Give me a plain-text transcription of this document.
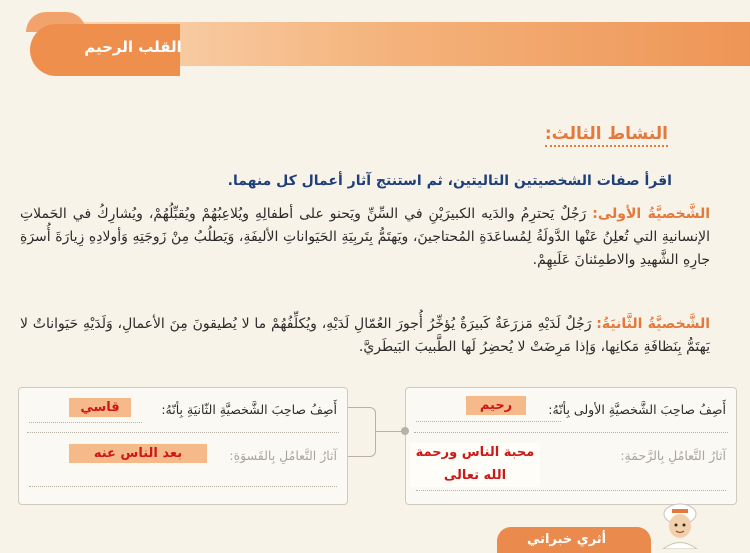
القلب الرحيم
النشاط الثالث:
اقرأ صفات الشخصيتين التاليتين، ثم استنتج آثار أعمال كل منهما.
الشَّخصيَّةُ الأولى: رَجُلٌ يَحترِمُ والدَيه الكبيرَيْنِ في السِّنِّ ويَحنو على أطفالِهِ ويُلاعِبُهُمْ ويُقبِّلُهُمْ، ويُشارِكُ في الحَملاتِ الإنسانيةِ التي تُعلِنُ عَنْها الدَّولَةُ لِمُساعَدَةِ المُحتاجينَ، ويَهتَمُّ بِتَربِيَةِ الحَيَواناتِ الأليفَةِ، وَيَطلُبُ مِنْ زَوجَتِهِ وَأولادِهِ زِيارَةَ أُسرَةِ جارِهِ الشَّهيدِ والاطمِئنانَ عَلَيهِمْ.
الشَّخصيَّةُ الثَّانيَةُ: رَجُلٌ لَدَيْهِ مَزرَعَةٌ كَبيرَةٌ يُؤخِّرُ أُجورَ العُمّالِ لَدَيْهِ، ويُكلِّفُهُمْ ما لا يُطيقونَ مِنَ الأعمالِ، وَلَدَيْهِ حَيَواناتٌ لا يَهتَمُّ بِنَظافَةِ مَكانِها، وَإذا مَرِضَتْ لا يُحضِرُ لَها الطَّبيبَ البَيطَريَّ.
أَصِفُ صاحِبَ الشَّخصيَّةِ الأولى بِأنّهُ:
رحيم
آثارُ التَّعامُلِ بِالرَّحمَةِ:
محبة الناس ورحمة
الله تعالى
أَصِفُ صاحِبَ الشَّخصيَّةِ الثّانيَةِ بِأنّهُ:
قاسي
آثارُ التَّعامُلِ بِالقَسوَةِ:
بعد الناس عنه
أثري خبراتي
